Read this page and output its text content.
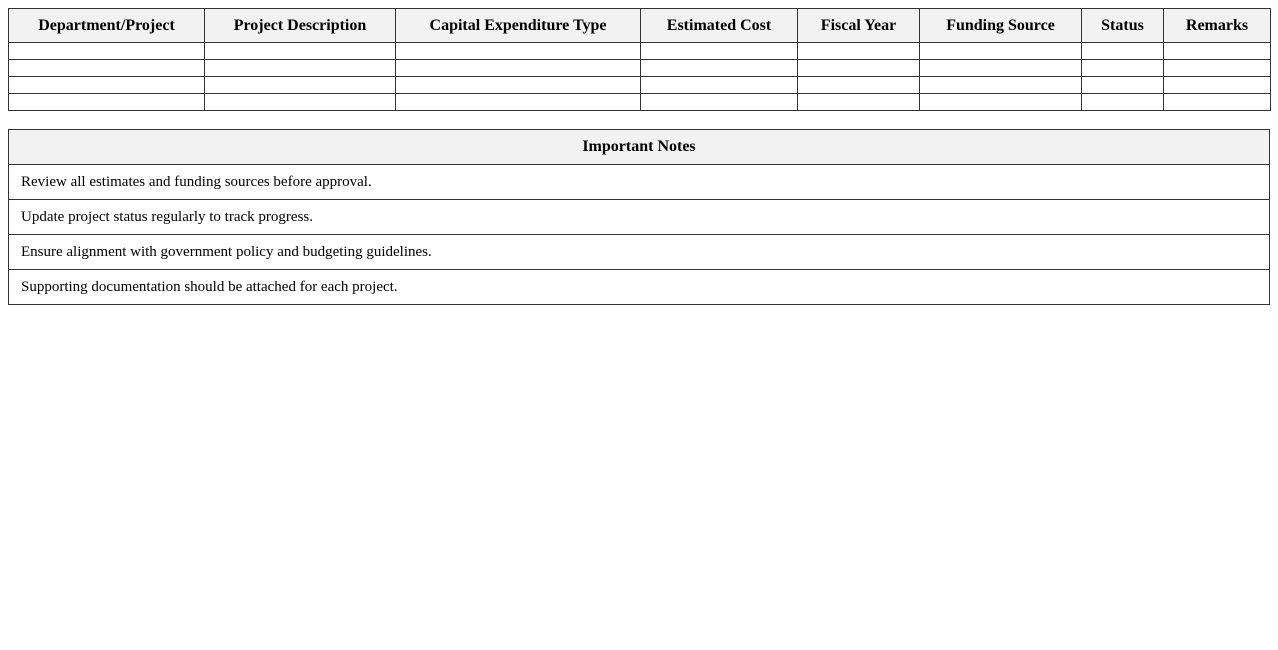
Department/Project	Project Description	Capital Expenditure Type	Estimated Cost	Fiscal Year	Funding Source	Status	Remarks

Important Notes
Review all estimates and funding sources before approval.
Update project status regularly to track progress.
Ensure alignment with government policy and budgeting guidelines.
Supporting documentation should be attached for each project.
